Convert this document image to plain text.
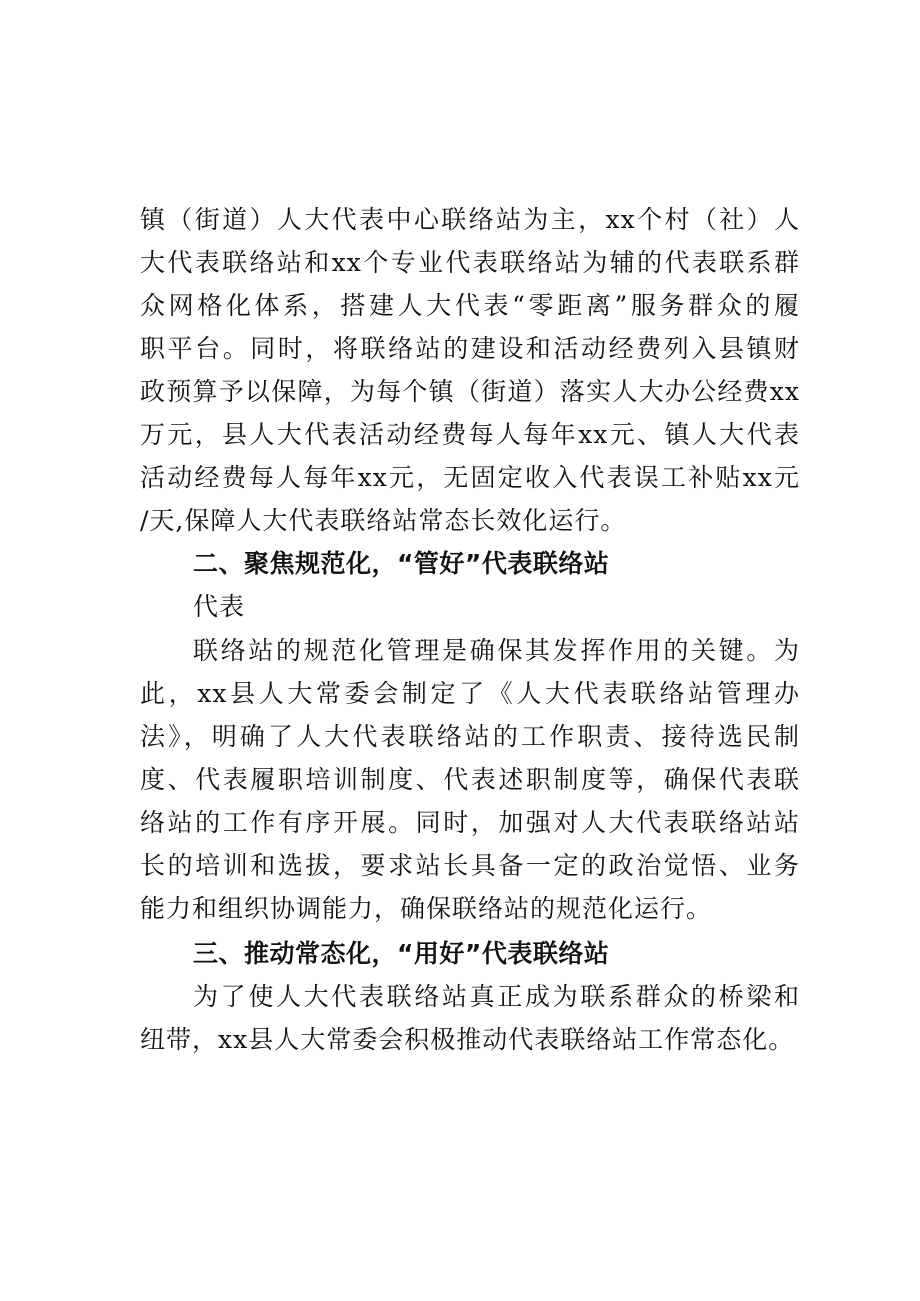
镇（街道）人大代表中心联络站为主，xx个村（社）人
大代表联络站和xx个专业代表联络站为辅的代表联系群
众网格化体系，搭建人大代表“零距离”服务群众的履
职平台。同时，将联络站的建设和活动经费列入县镇财
政预算予以保障，为每个镇（街道）落实人大办公经费xx
万元，县人大代表活动经费每人每年xx元、镇人大代表
活动经费每人每年xx元，无固定收入代表误工补贴xx元
/天,保障人大代表联络站常态长效化运行。
二、聚焦规范化，“管好”代表联络站
代表
联络站的规范化管理是确保其发挥作用的关键。为
此，xx县人大常委会制定了《人大代表联络站管理办
法》，明确了人大代表联络站的工作职责、接待选民制
度、代表履职培训制度、代表述职制度等，确保代表联
络站的工作有序开展。同时，加强对人大代表联络站站
长的培训和选拔，要求站长具备一定的政治觉悟、业务
能力和组织协调能力，确保联络站的规范化运行。
三、推动常态化，“用好”代表联络站
为了使人大代表联络站真正成为联系群众的桥梁和
纽带，xx县人大常委会积极推动代表联络站工作常态化。
